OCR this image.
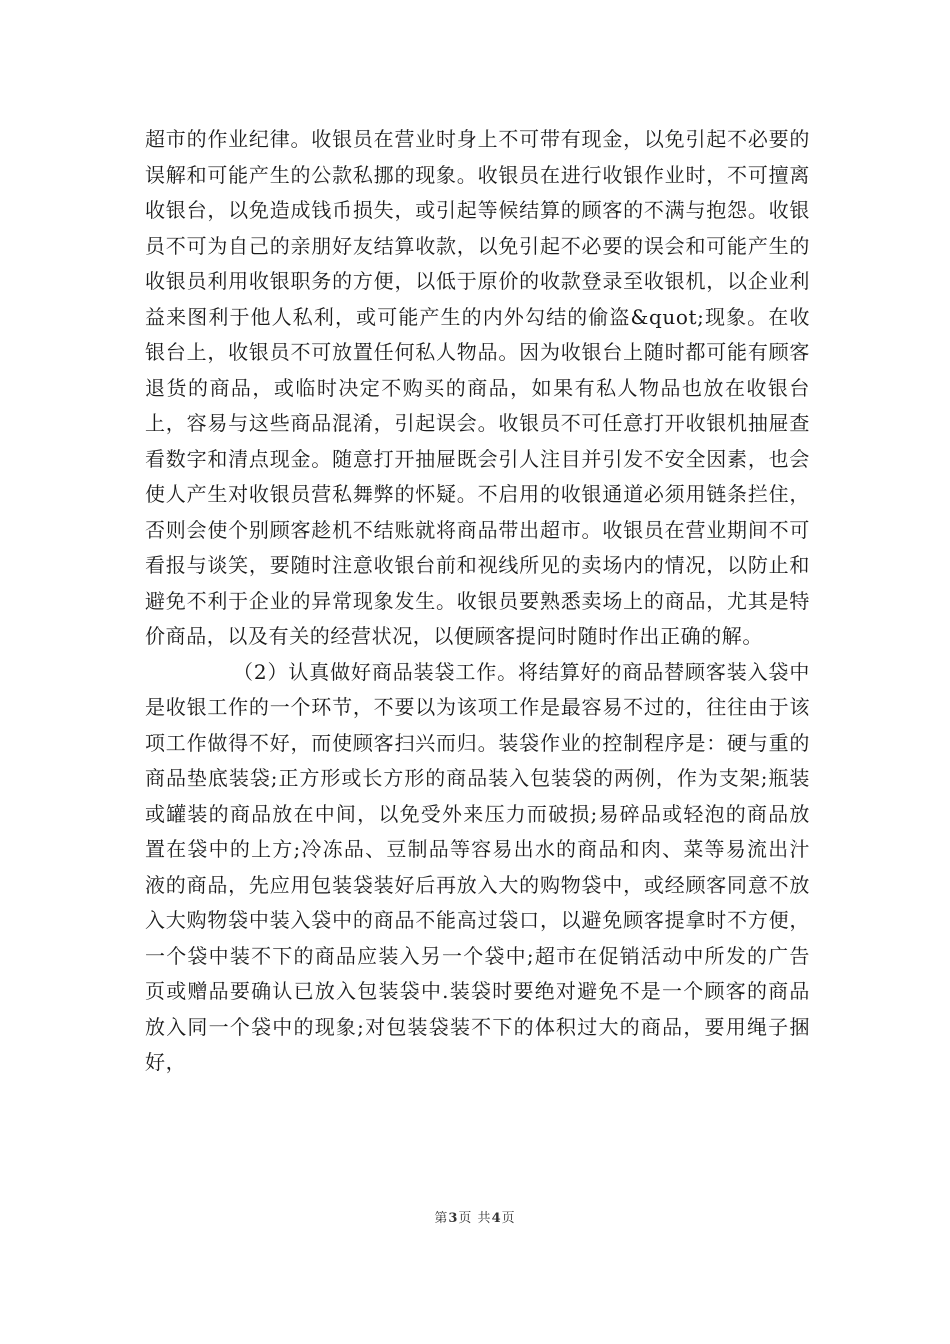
超市的作业纪律。收银员在营业时身上不可带有现金，以免引起不必要的误解和可能产生的公款私挪的现象。收银员在进行收银作业时，不可擅离收银台，以免造成钱币损失，或引起等候结算的顾客的不满与抱怨。收银员不可为自己的亲朋好友结算收款，以免引起不必要的误会和可能产生的收银员利用收银职务的方便，以低于原价的收款登录至收银机，以企业利益来图利于他人私利，或可能产生的内外勾结的偷盗&quot;现象。在收银台上，收银员不可放置任何私人物品。因为收银台上随时都可能有顾客退货的商品，或临时决定不购买的商品，如果有私人物品也放在收银台上，容易与这些商品混淆，引起误会。收银员不可任意打开收银机抽屉查看数字和清点现金。随意打开抽屉既会引人注目并引发不安全因素，也会使人产生对收银员营私舞弊的怀疑。不启用的收银通道必须用链条拦住，否则会使个别顾客趁机不结账就将商品带出超市。收银员在营业期间不可看报与谈笑，要随时注意收银台前和视线所见的卖场内的情况，以防止和避免不利于企业的异常现象发生。收银员要熟悉卖场上的商品，尤其是特价商品，以及有关的经营状况，以便顾客提问时随时作出正确的解。

（2）认真做好商品装袋工作。将结算好的商品替顾客装入袋中是收银工作的一个环节，不要以为该项工作是最容易不过的，往往由于该项工作做得不好，而使顾客扫兴而归。装袋作业的控制程序是：硬与重的商品垫底装袋;正方形或长方形的商品装入包装袋的两例，作为支架;瓶装或罐装的商品放在中间，以免受外来压力而破损;易碎品或轻泡的商品放置在袋中的上方;冷冻品、豆制品等容易出水的商品和肉、菜等易流出汁液的商品，先应用包装袋装好后再放入大的购物袋中，或经顾客同意不放入大购物袋中装入袋中的商品不能高过袋口，以避免顾客提拿时不方便，一个袋中装不下的商品应装入另一个袋中;超市在促销活动中所发的广告页或赠品要确认已放入包装袋中.装袋时要绝对避免不是一个顾客的商品放入同一个袋中的现象;对包装袋装不下的体积过大的商品，要用绳子捆好，

第3页 共4页
